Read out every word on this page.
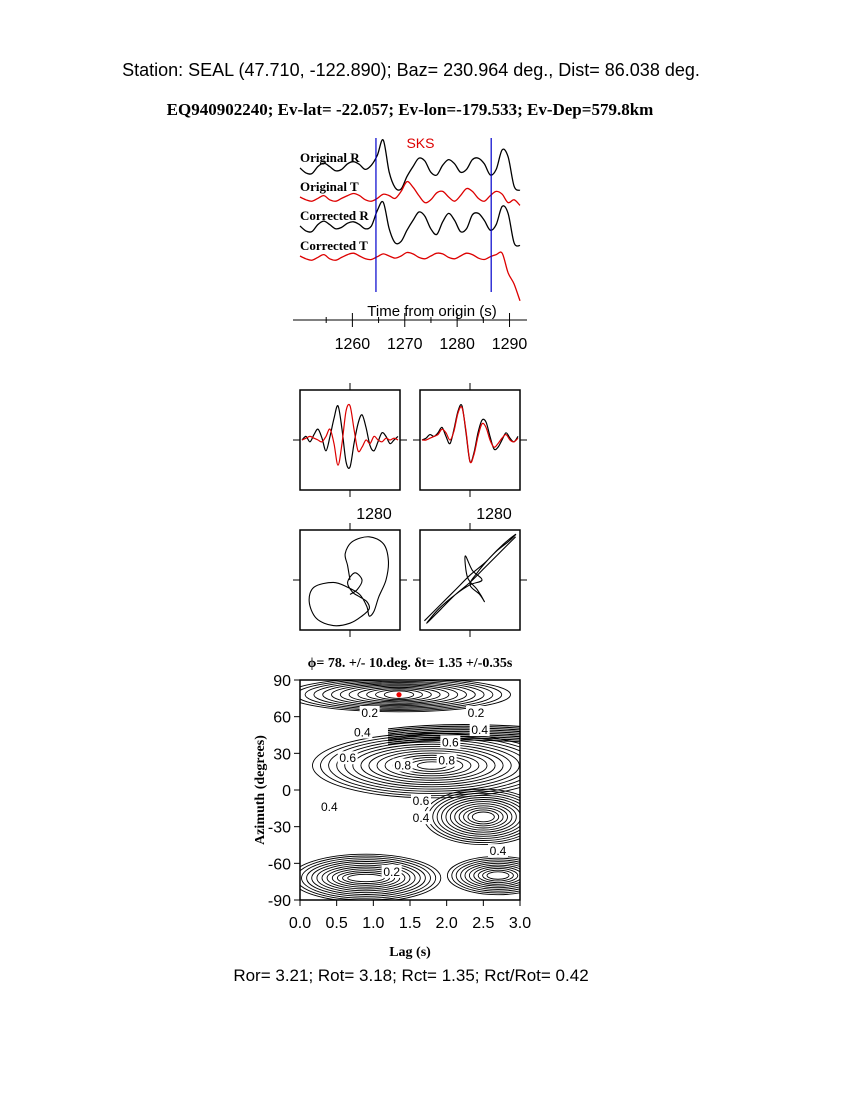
Station: SEAL (47.710, -122.890); Baz= 230.964 deg., Dist= 86.038 deg.
EQ940902240; Ev-lat= -22.057; Ev-lon=-179.533; Ev-Dep=579.8km
SKS
Original R
Original T
Corrected R
Corrected T
Time from origin (s)
1260 1270 1280 1290
1280	1280
ϕ= 78. +/- 10.deg. δt= 1.35 +/-0.35s
0.2	0.2
0.4	0.4
0.6
0.6
0.8 0.8
0.6
0.4
0.4
0.4
0.2
0.0 0.5 1.0 1.5 2.0 2.5 3.0
90
60
30
0
-30
-60
-90
Lag (s)
Azimuth (degrees)
Ror= 3.21; Rot= 3.18; Rct= 1.35; Rct/Rot= 0.42
